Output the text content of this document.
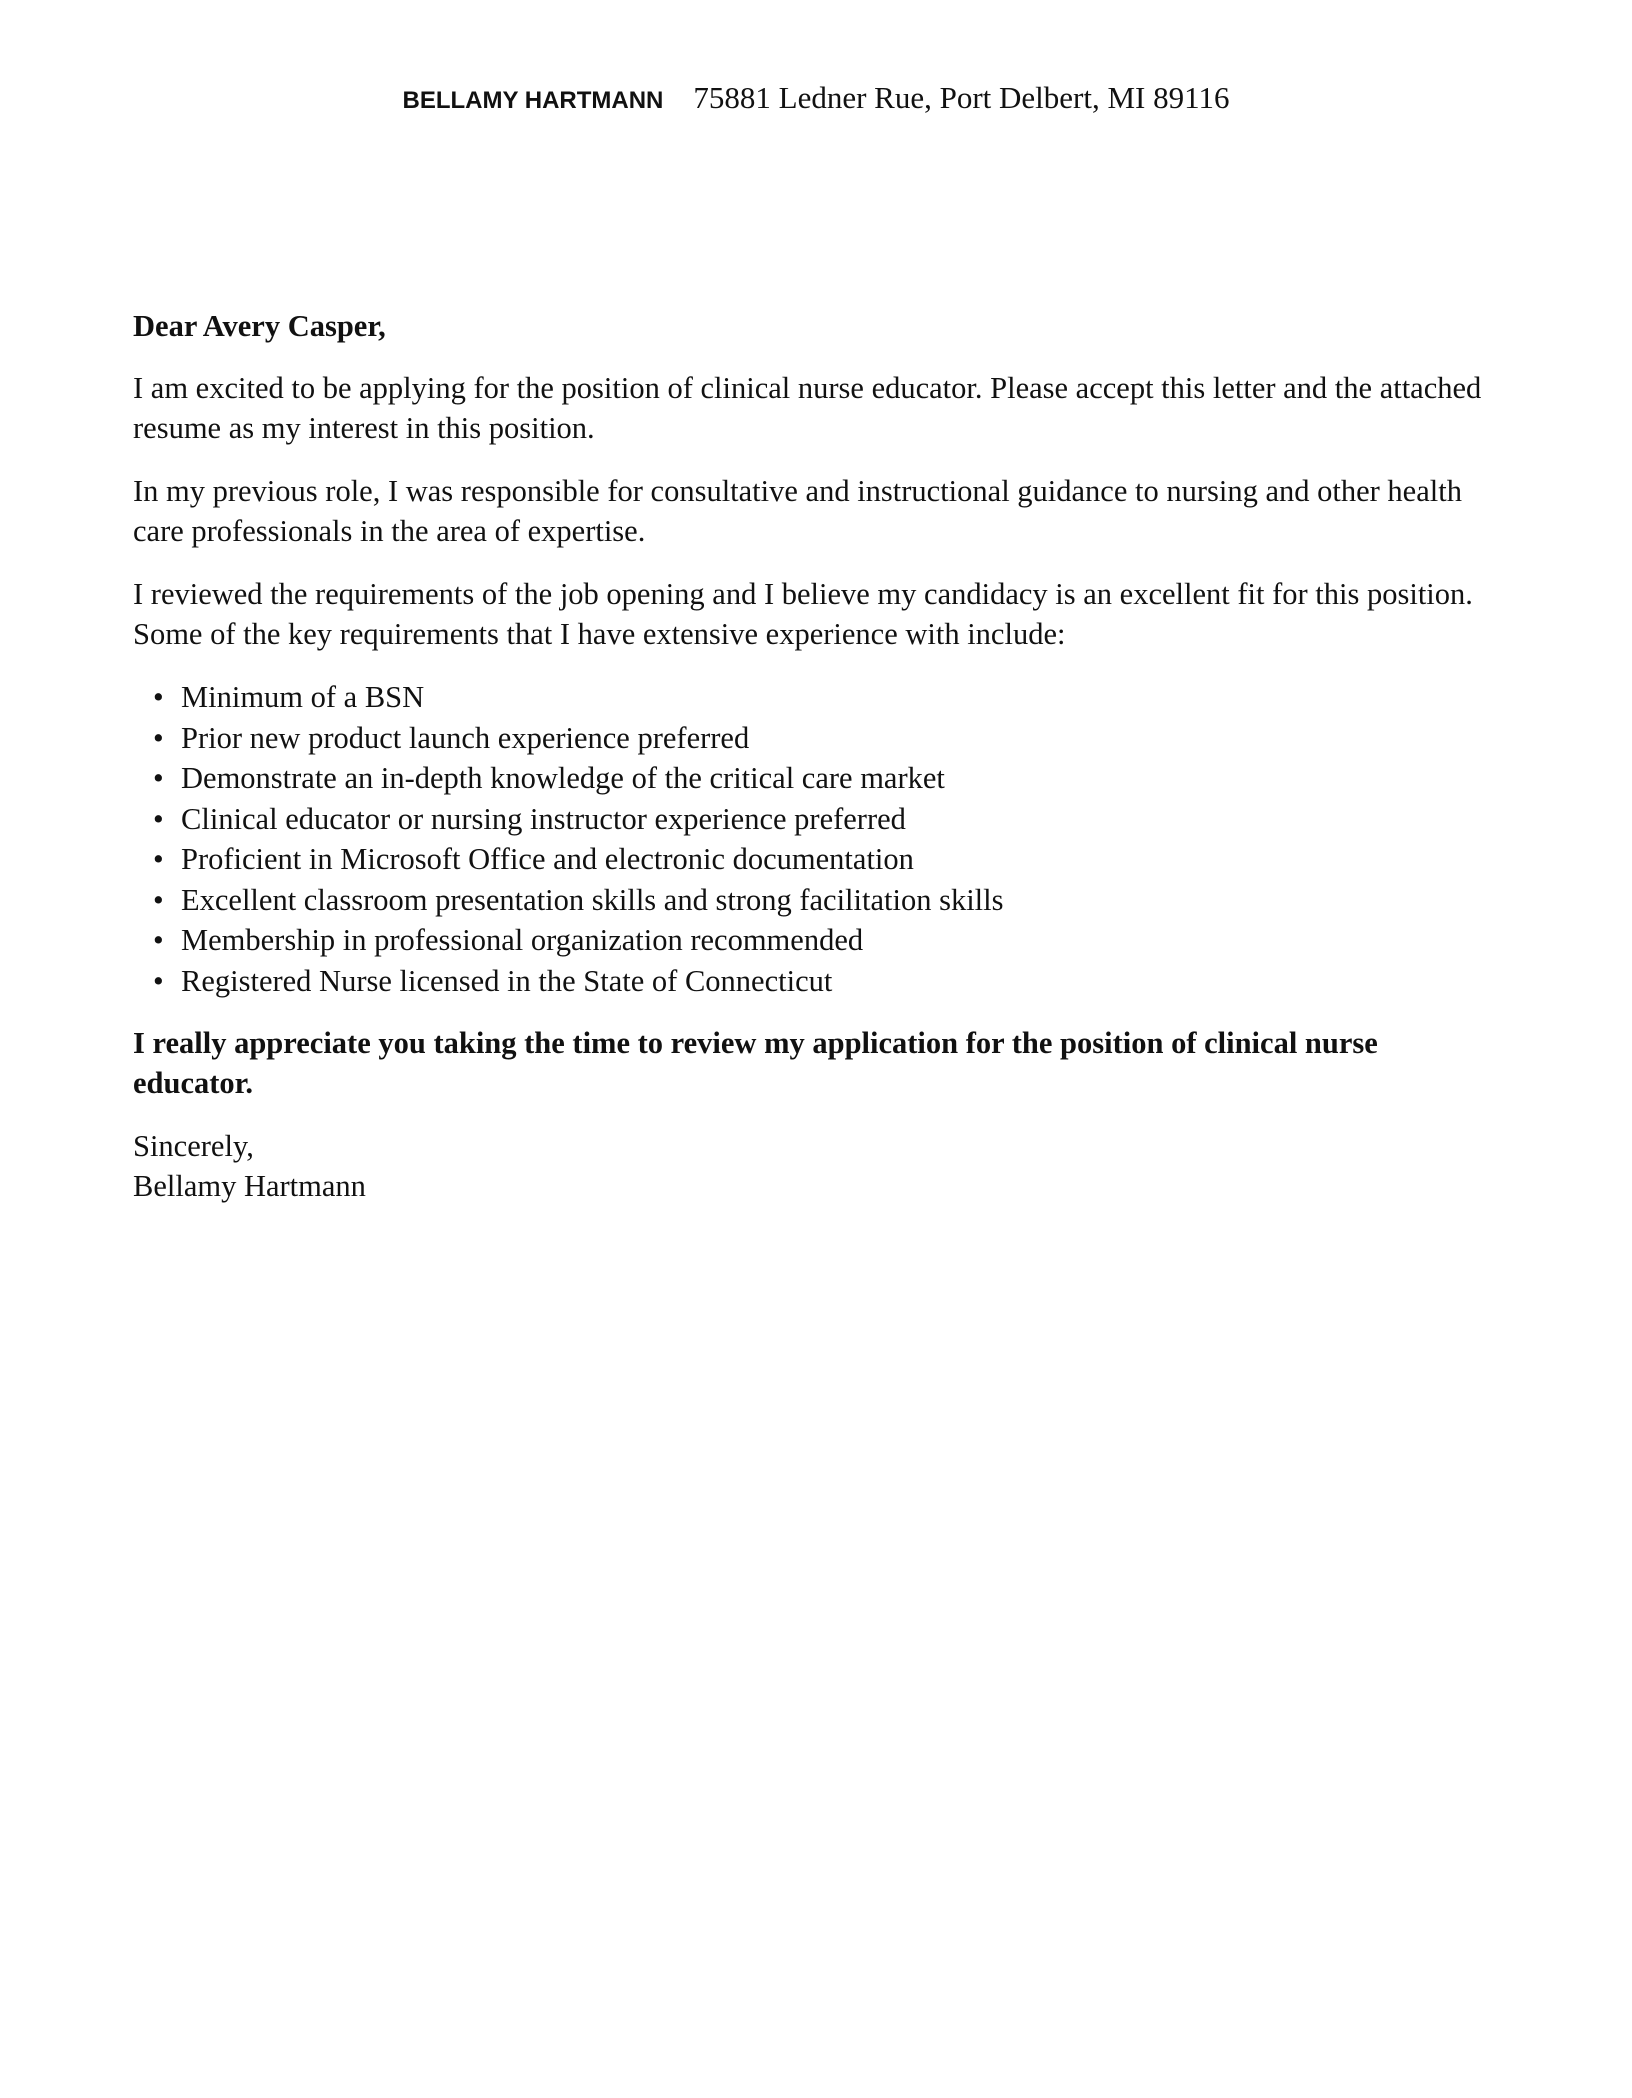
BELLAMY HARTMANN 75881 Ledner Rue, Port Delbert, MI 89116

Dear Avery Casper,

I am excited to be applying for the position of clinical nurse educator. Please accept this letter and the attached resume as my interest in this position.

In my previous role, I was responsible for consultative and instructional guidance to nursing and other health care professionals in the area of expertise.

I reviewed the requirements of the job opening and I believe my candidacy is an excellent fit for this position. Some of the key requirements that I have extensive experience with include:

• Minimum of a BSN
• Prior new product launch experience preferred
• Demonstrate an in-depth knowledge of the critical care market
• Clinical educator or nursing instructor experience preferred
• Proficient in Microsoft Office and electronic documentation
• Excellent classroom presentation skills and strong facilitation skills
• Membership in professional organization recommended
• Registered Nurse licensed in the State of Connecticut

I really appreciate you taking the time to review my application for the position of clinical nurse educator.

Sincerely,
Bellamy Hartmann
